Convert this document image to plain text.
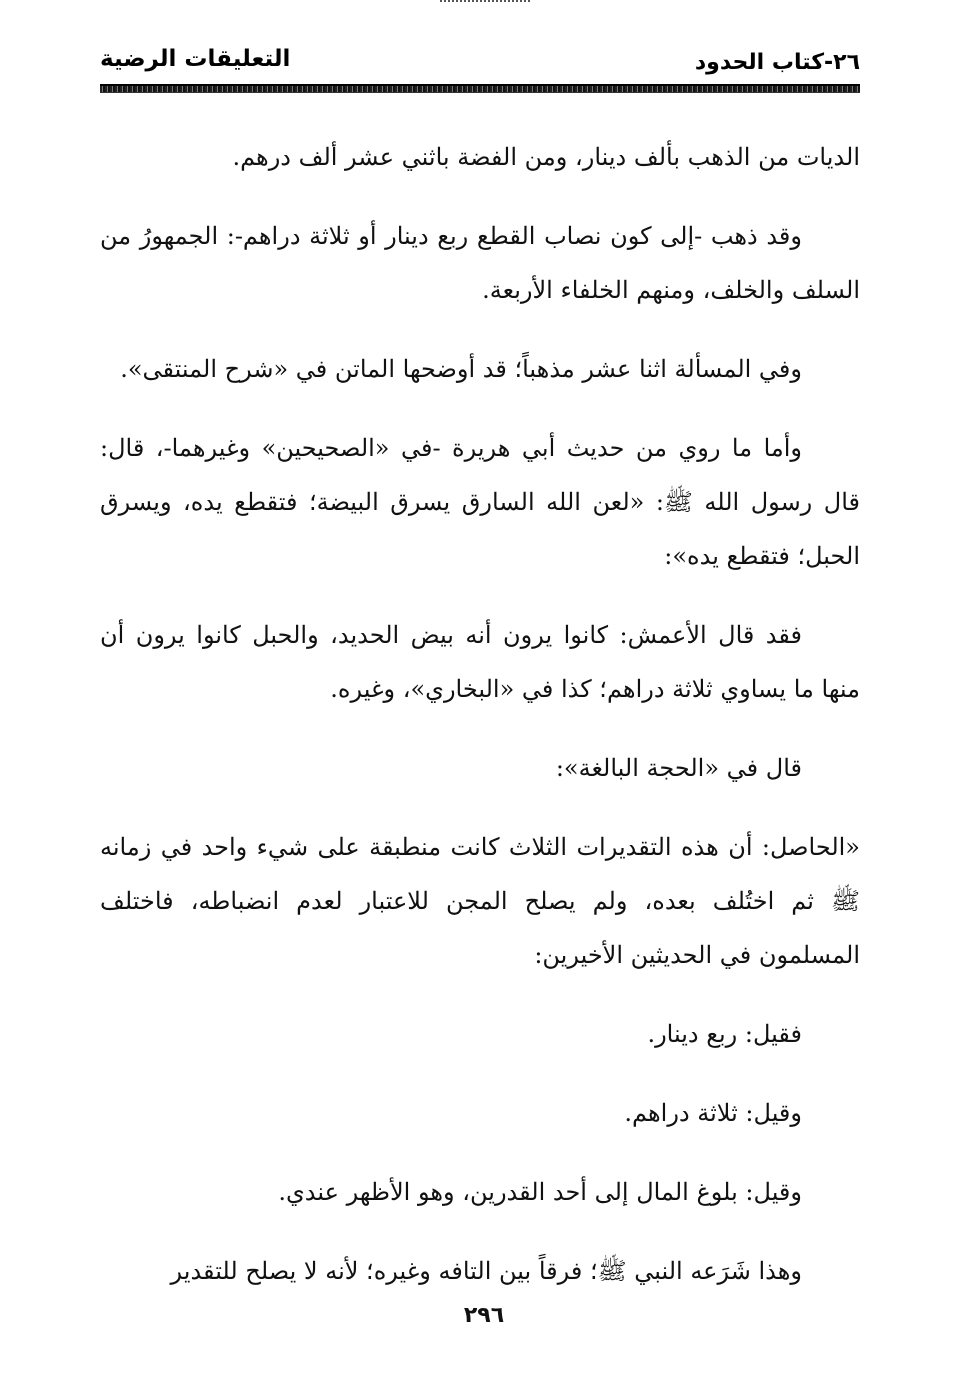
٢٦-كتاب الحدود
التعليقات الرضية

الديات من الذهب بألف دينار، ومن الفضة باثني عشر ألف درهم.

وقد ذهب -إلى كون نصاب القطع ربع دينار أو ثلاثة دراهم-: الجمهورُ من السلف والخلف، ومنهم الخلفاء الأربعة.

وفي المسألة اثنا عشر مذهباً؛ قد أوضحها الماتن في «شرح المنتقى».

وأما ما روي من حديث أبي هريرة -في «الصحيحين» وغيرهما-، قال: قال رسول الله ﷺ: «لعن الله السارق يسرق البيضة؛ فتقطع يده، ويسرق الحبل؛ فتقطع يده»:

فقد قال الأعمش: كانوا يرون أنه بيض الحديد، والحبل كانوا يرون أن منها ما يساوي ثلاثة دراهم؛ كذا في «البخاري»، وغيره.

قال في «الحجة البالغة»:

«الحاصل: أن هذه التقديرات الثلاث كانت منطبقة على شيء واحد في زمانه ﷺ ثم اختُلف بعده، ولم يصلح المجن للاعتبار لعدم انضباطه، فاختلف المسلمون في الحديثين الأخيرين:

فقيل: ربع دينار.

وقيل: ثلاثة دراهم.

وقيل: بلوغ المال إلى أحد القدرين، وهو الأظهر عندي.

وهذا شَرَعه النبي ﷺ؛ فرقاً بين التافه وغيره؛ لأنه لا يصلح للتقدير

٢٩٦
